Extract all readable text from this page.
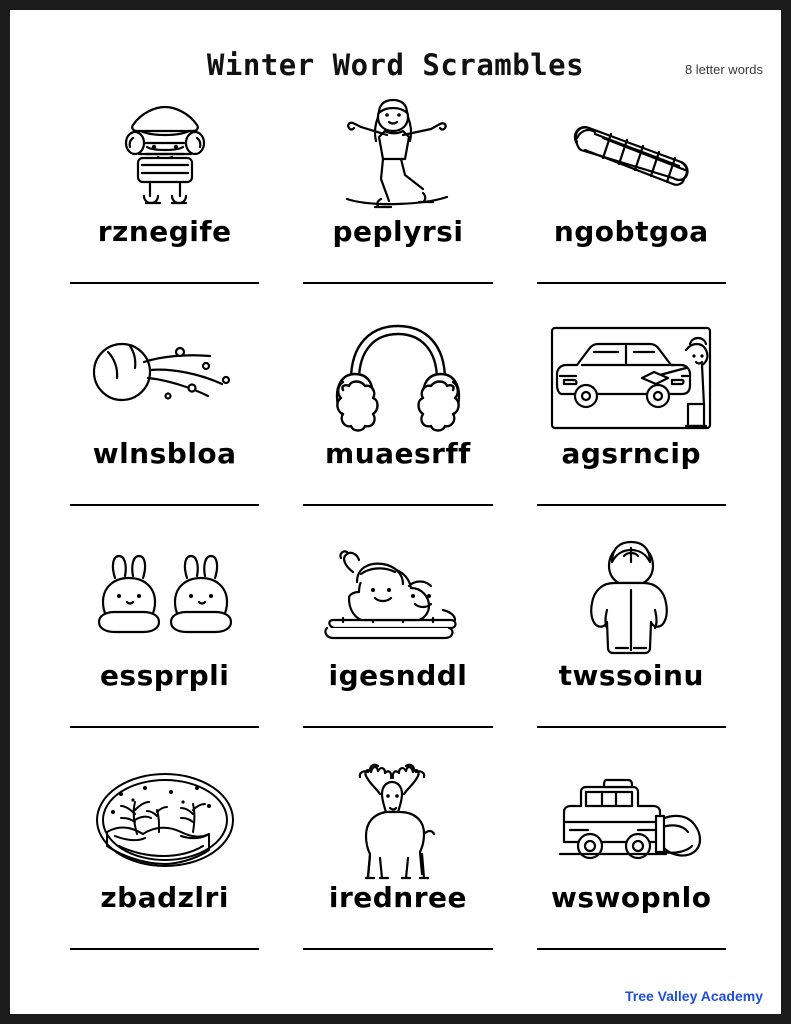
Winter Word Scrambles	8 letter words
rznegife	peplyrsi	ngobtgoa
wlnsbloa	muaesrff	agsrncip
essprpli	igesnddl	twssoinu
zbadzlri	irednree	wswopnlo
Tree Valley Academy
